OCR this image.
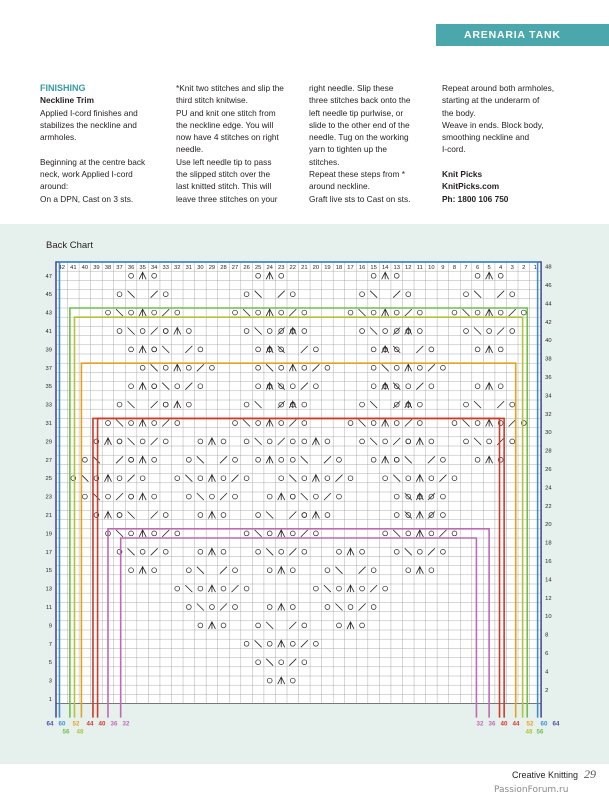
ARENARIA TANK

FINISHING

Neckline Trim

Applied I-cord finishes and

stabilizes the neckline and

armholes.

Beginning at the centre back

neck, work Applied I-cord

around:

On a DPN, Cast on 3 sts.

*Knit two stitches and slip the

third stitch knitwise.

PU and knit one stitch from

the neckline edge. You will

now have 4 stitches on right

needle.

Use left needle tip to pass

the slipped stitch over the

last knitted stitch. This will

leave three stitches on your

right needle. Slip these

three stitches back onto the

left needle tip purlwise, or

slide to the other end of the

needle. Tug on the working

yarn to tighten up the

stitches.

Repeat these steps from *

around neckline.

Graft live sts to Cast on sts.

Repeat around both armholes,

starting at the underarm of

the body.

Weave in ends. Block body,

smoothing neckline and

I-cord.

Knit Picks

KnitPicks.com

Ph: 1800 106 750

Back Chart
42 41 40 39 38 37 36 35 34 33 32 31 30 29 28 27 26 25 24 23 22 21 20 19 18 17 16 15 14 13 12 11 10 9 8 7 6 5 4 3 2 1
1
2
3
4
5
6
7
8
9
10
11
12
13
14
15
16
17
18
19
20
21
22
23
24
25
26
27
28
29
30
31
32
33
34
35
36
37
38
39
40
41
42
43
44
45
46
47
48
64 60
56
52
48
44 40 36 32	32 36 40 44
48
52
56
60 64
Creative Knitting 29
PassionForum.ru
